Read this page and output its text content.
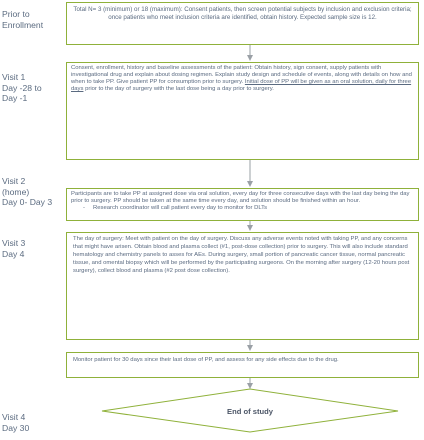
Prior to
Enrollment
Visit 1
Day -28 to
Day -1
Visit 2
(home)
Day 0- Day 3
Visit 3
Day 4
Visit 4
Day 30
Total N= 3 (minimum) or 18 (maximum): Consent patients, then screen potential subjects by inclusion and exclusion criteria; once patients who meet inclusion criteria are identified, obtain history. Expected sample size is 12.
Consent, enrollment, history and baseline assessments of the patient: Obtain history, sign consent, supply patients with investigational drug and explain about dosing regimen. Explain study design and schedule of events, along with details on how and when to take PP. Give patient PP for consumption prior to surgery. Initial dose of PP will be given as an oral solution, daily for three days prior to the day of surgery with the last dose being a day prior to surgery.
Participants are to take PP at assigned dose via oral solution, every day for three consecutive days with the last day being the day prior to surgery. PP should be taken at the same time every day, and solution should be finished within an hour.
- Research coordinator will call patient every day to monitor for DLTs
The day of surgery: Meet with patient on the day of surgery. Discuss any adverse events noted with taking PP, and any concerns that might have arisen. Obtain blood and plasma collect (#1, post-dose collection) prior to surgery. This will also include standard hematology and chemistry panels to asses for AEs. During surgery, small portion of pancreatic cancer tissue, normal pancreatic tissue, and omental biopsy which will be performed by the participating surgeons. On the morning after surgery (12-20 hours post surgery), collect blood and plasma (#2 post dose collection).
Monitor patient for 30 days since their last dose of PP, and assess for any side effects due to the drug.
End of study
